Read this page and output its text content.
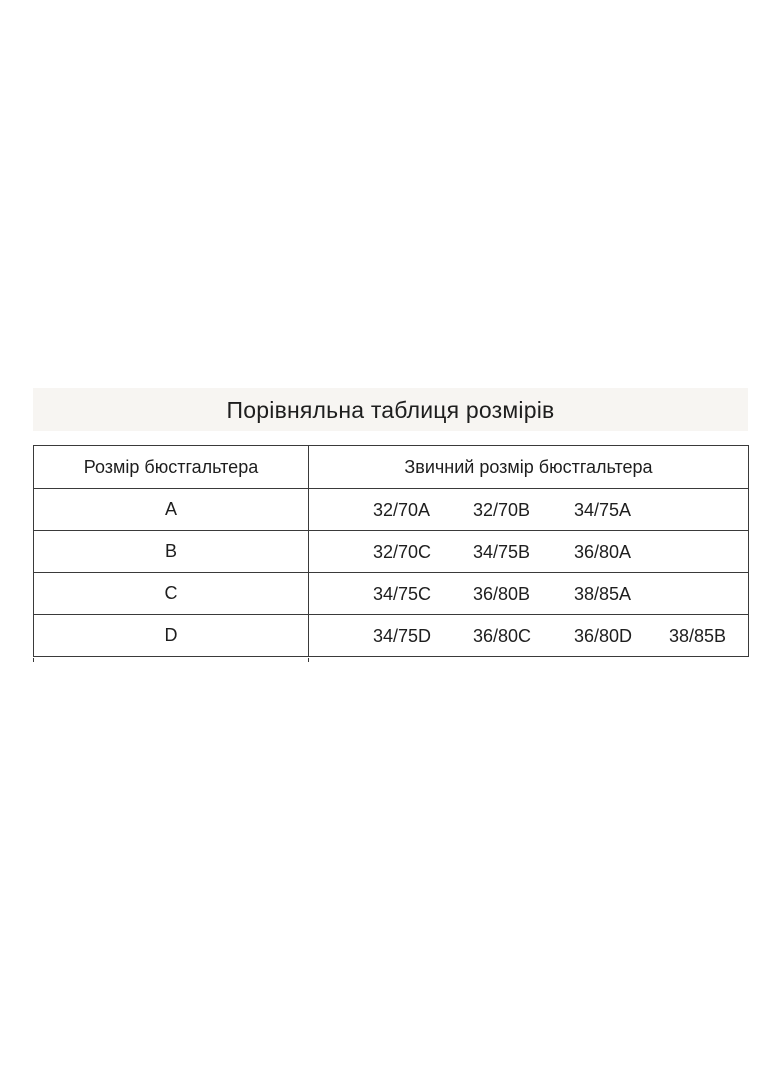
Порівняльна таблиця розмірів
Розмір бюстгальтера	Звичний розмір бюстгальтера
A	32/70A 32/70B 34/75A

B	32/70C 34/75B 36/80A

C	34/75C 36/80B 38/85A

D	34/75D 36/80C 36/80D 38/85B
